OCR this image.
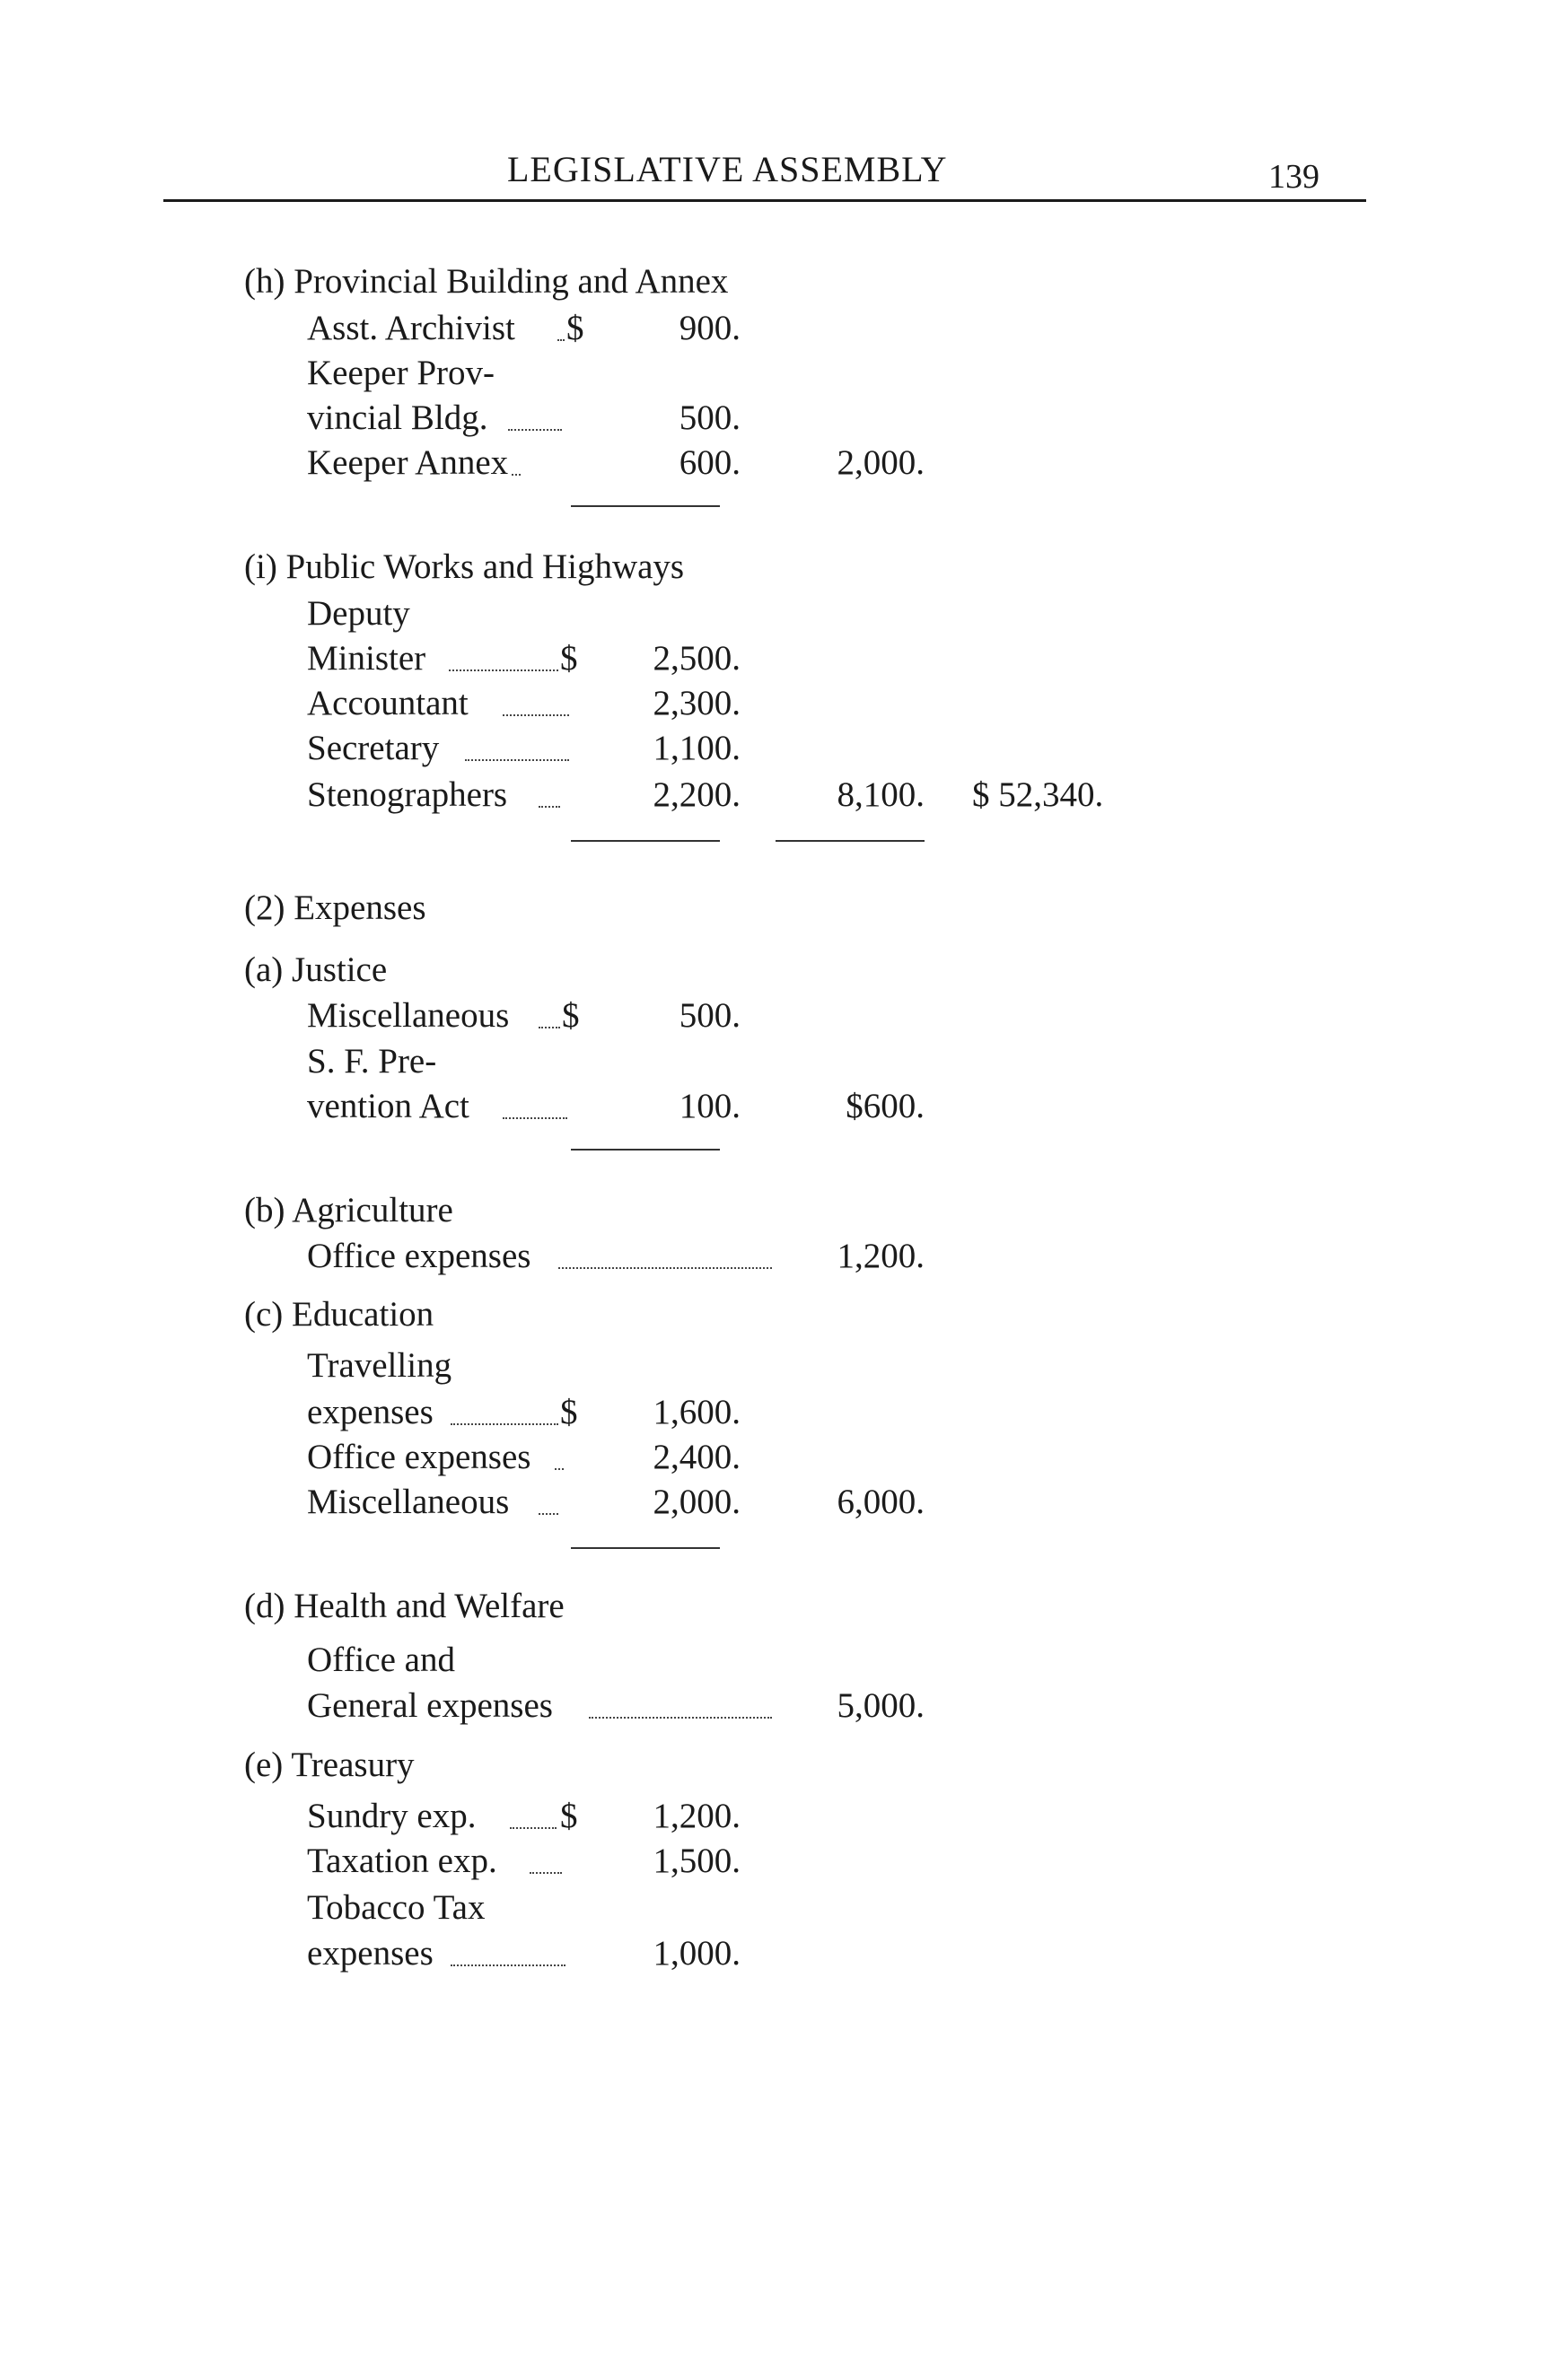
LEGISLATIVE ASSEMBLY	139
(h) Provincial Building and Annex
Asst. Archivist $	900.
Keeper Prov-
vincial Bldg.	500.
Keeper Annex	600.	2,000.
(i) Public Works and Highways
Deputy
Minister	$	2,500.
Accountant	2,300.
Secretary	1,100.
Stenographers	2,200.	8,100. $ 52,340.
(2) Expenses
(a) Justice
Miscellaneous $	500.
S. F. Pre-
vention Act	100.	$600.
(b) Agriculture
Office expenses	1,200.
(c) Education
Travelling
expenses	$	1,600.
Office expenses	2,400.
Miscellaneous	2,000.	6,000.
(d) Health and Welfare
Office and
General expenses	5,000.
(e) Treasury
Sundry exp. $	1,200.
Taxation exp.	1,500.
Tobacco Tax
expenses	1,000.
